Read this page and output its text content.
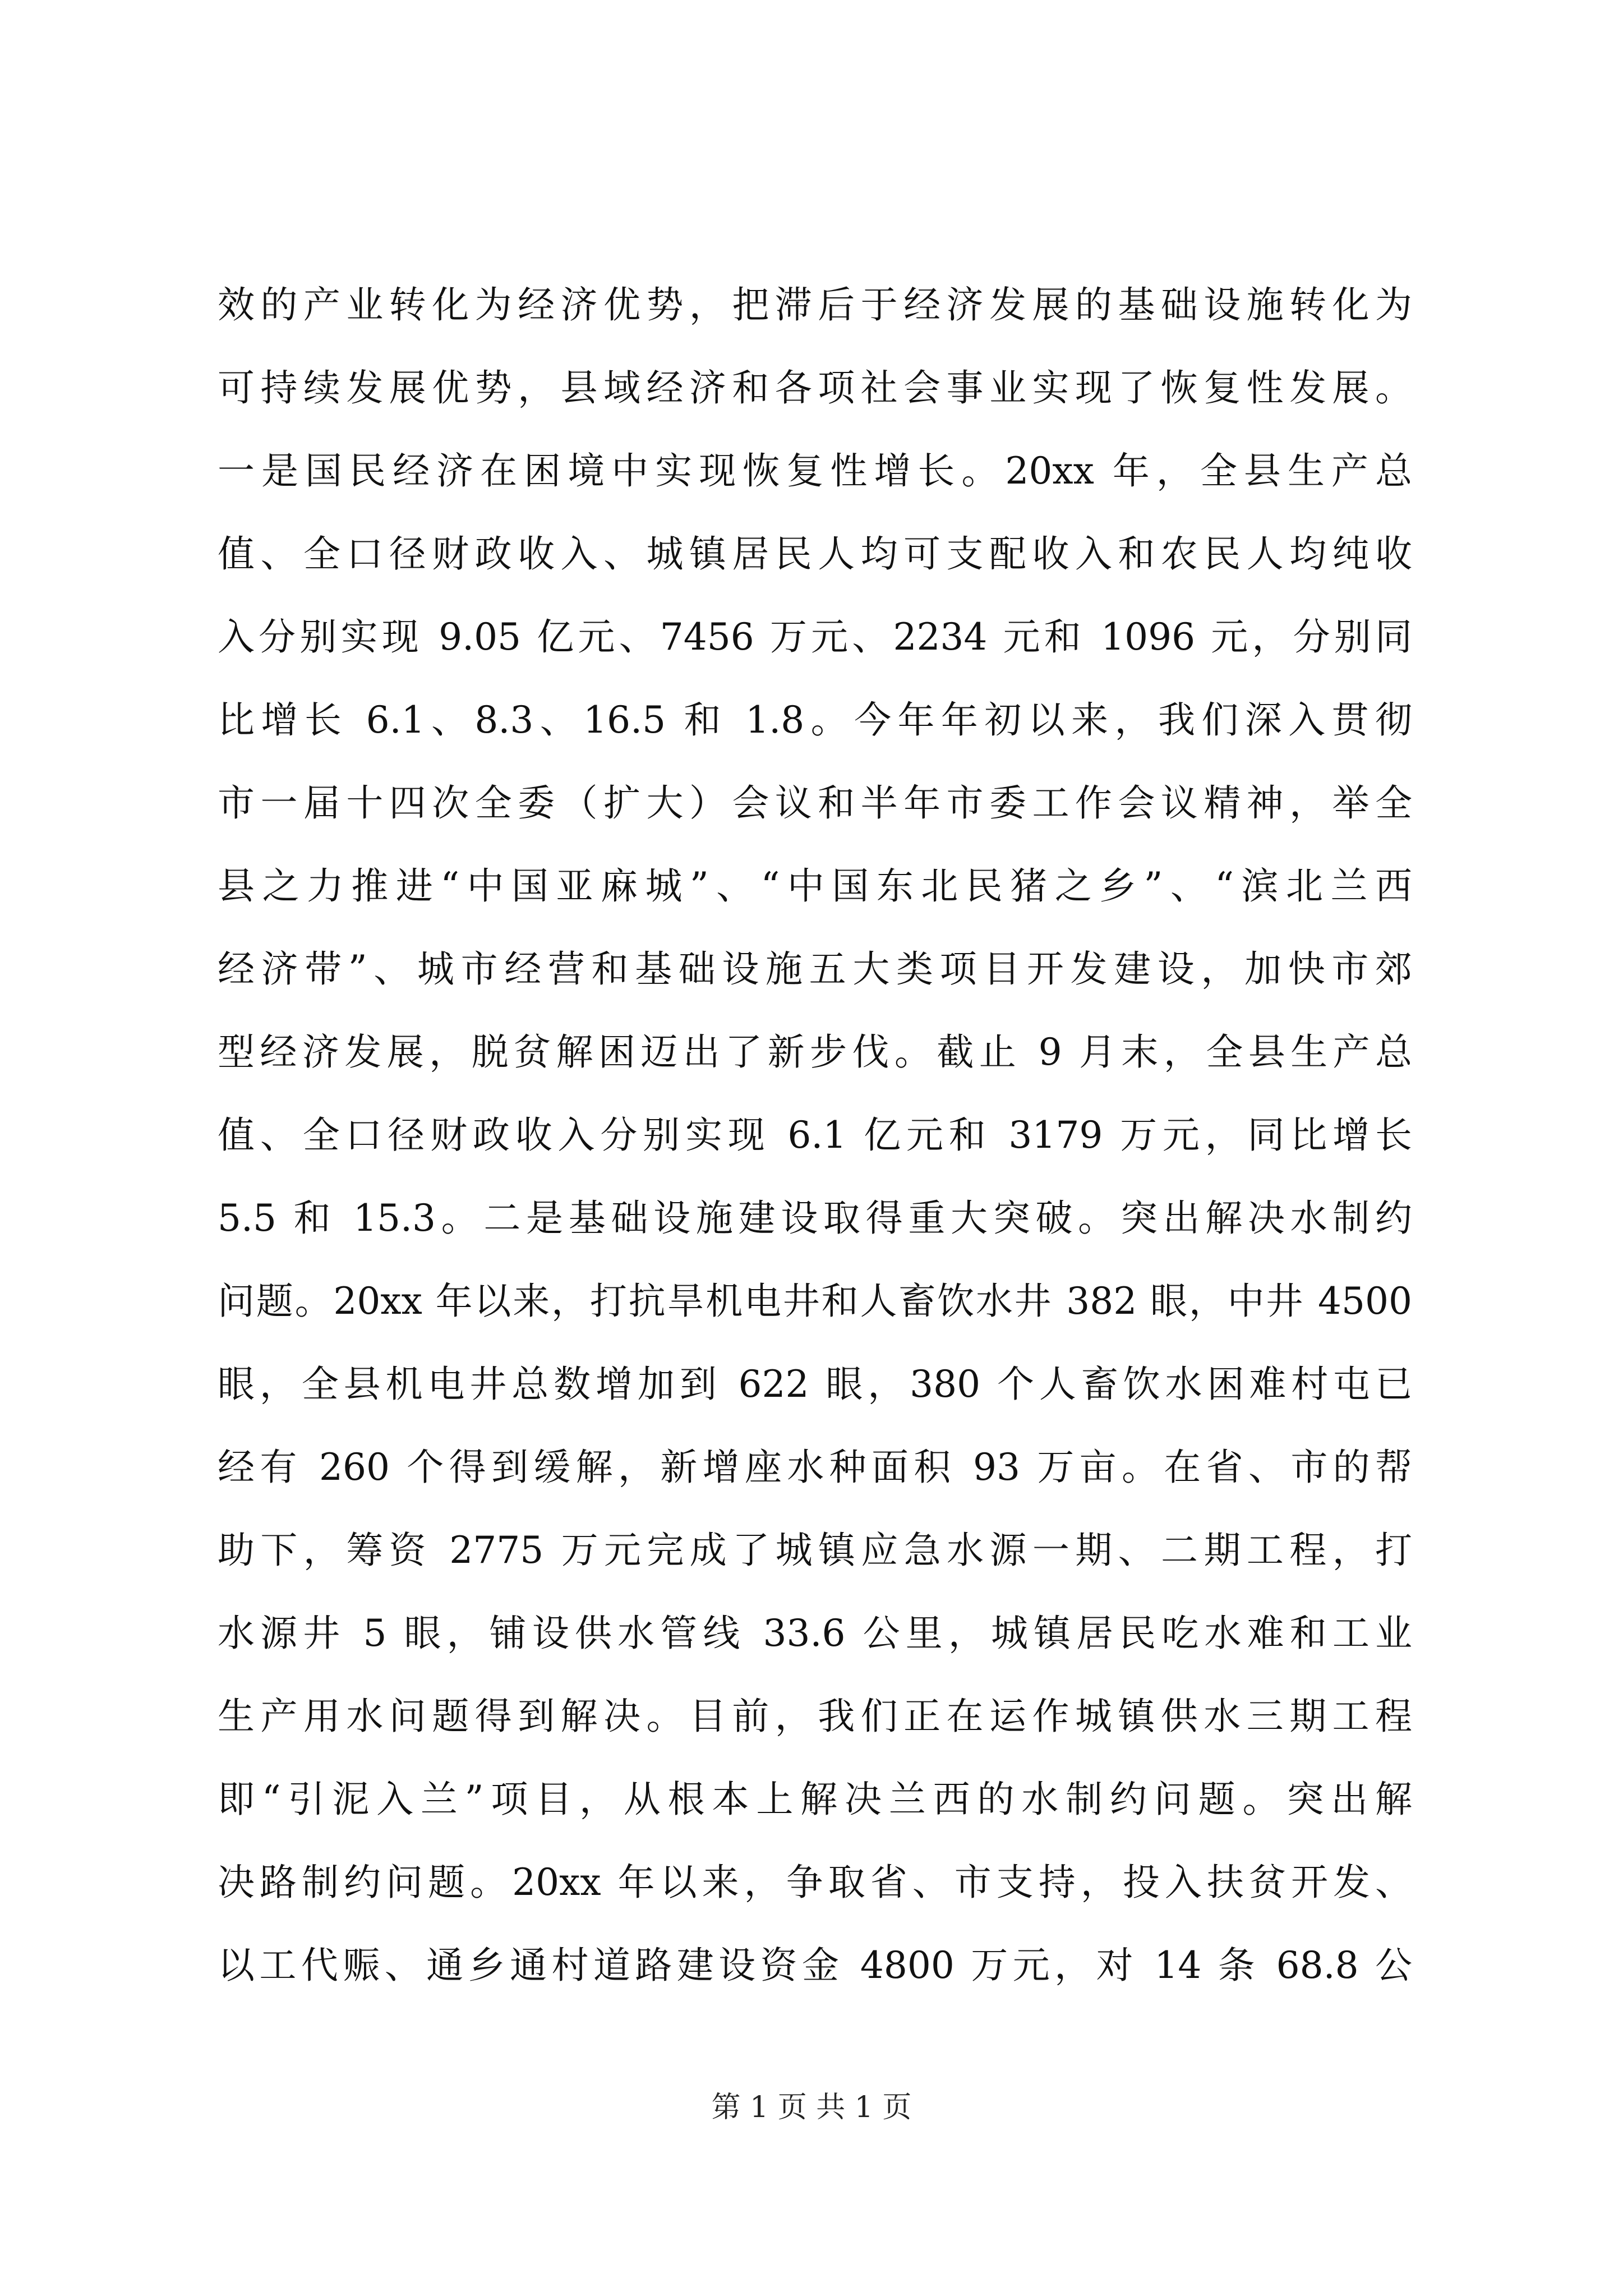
效的产业转化为经济优势，把滞后于经济发展的基础设施转化为
可持续发展优势，县域经济和各项社会事业实现了恢复性发展。
一是国民经济在困境中实现恢复性增长。20xx 年，全县生产总
值、全口径财政收入、城镇居民人均可支配收入和农民人均纯收
入分别实现 9.05 亿元、7456 万元、2234 元和 1096 元，分别同
比增长 6.1、8.3、16.5 和 1.8。今年年初以来，我们深入贯彻
市一届十四次全委（扩大）会议和半年市委工作会议精神，举全
县之力推进“中国亚麻城”、“中国东北民猪之乡”、“滨北兰西
经济带”、城市经营和基础设施五大类项目开发建设，加快市郊
型经济发展，脱贫解困迈出了新步伐。截止 9 月末，全县生产总
值、全口径财政收入分别实现 6.1 亿元和 3179 万元，同比增长
5.5 和 15.3。二是基础设施建设取得重大突破。突出解决水制约
问题。20xx 年以来，打抗旱机电井和人畜饮水井 382 眼，中井 4500
眼，全县机电井总数增加到 622 眼，380 个人畜饮水困难村屯已
经有 260 个得到缓解，新增座水种面积 93 万亩。在省、市的帮
助下，筹资 2775 万元完成了城镇应急水源一期、二期工程，打
水源井 5 眼，铺设供水管线 33.6 公里，城镇居民吃水难和工业
生产用水问题得到解决。目前，我们正在运作城镇供水三期工程
即“引泥入兰”项目，从根本上解决兰西的水制约问题。突出解
决路制约问题。20xx 年以来，争取省、市支持，投入扶贫开发、
以工代赈、通乡通村道路建设资金 4800 万元，对 14 条 68.8 公
第 1 页 共 1 页
